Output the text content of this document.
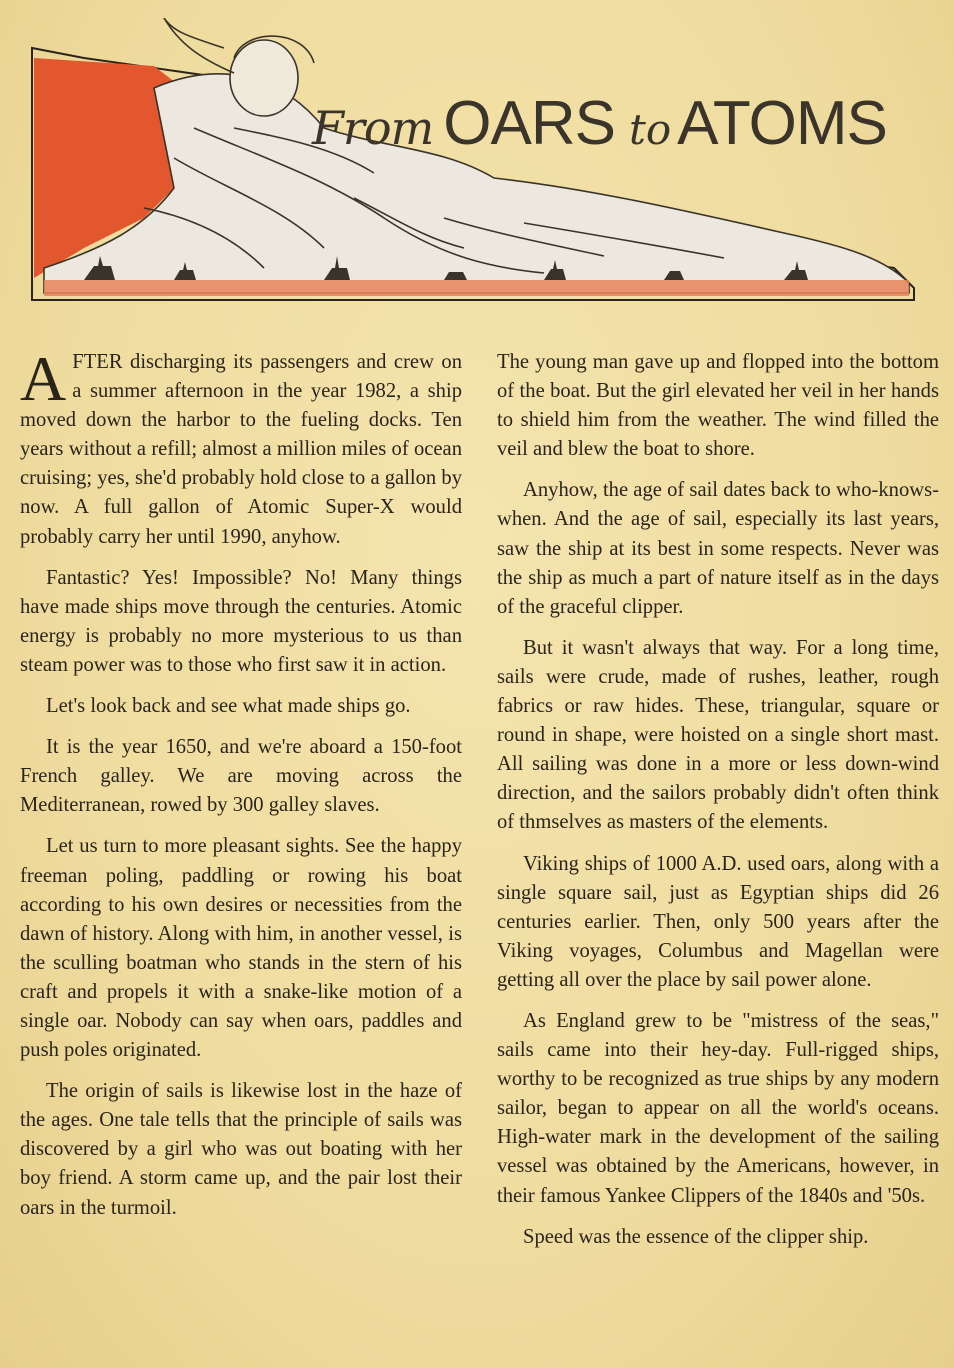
From OARS to ATOMS

AFTER discharging its passengers and crew on a summer afternoon in the year 1982, a ship moved down the harbor to the fueling docks. Ten years without a refill; almost a million miles of ocean cruising; yes, she'd probably hold close to a gallon by now. A full gallon of Atomic Super-X would probably carry her until 1990, anyhow.

Fantastic? Yes! Impossible? No! Many things have made ships move through the centuries. Atomic energy is probably no more mysterious to us than steam power was to those who first saw it in action.

Let's look back and see what made ships go.

It is the year 1650, and we're aboard a 150-foot French galley. We are moving across the Mediterranean, rowed by 300 galley slaves.

Let us turn to more pleasant sights. See the happy freeman poling, paddling or rowing his boat according to his own desires or necessities from the dawn of history. Along with him, in another vessel, is the sculling boatman who stands in the stern of his craft and propels it with a snake-like motion of a single oar. Nobody can say when oars, paddles and push poles originated.

The origin of sails is likewise lost in the haze of the ages. One tale tells that the principle of sails was discovered by a girl who was out boating with her boy friend. A storm came up, and the pair lost their oars in the turmoil.

The young man gave up and flopped into the bottom of the boat. But the girl elevated her veil in her hands to shield him from the weather. The wind filled the veil and blew the boat to shore.

Anyhow, the age of sail dates back to who-knows-when. And the age of sail, especially its last years, saw the ship at its best in some respects. Never was the ship as much a part of nature itself as in the days of the graceful clipper.

But it wasn't always that way. For a long time, sails were crude, made of rushes, leather, rough fabrics or raw hides. These, triangular, square or round in shape, were hoisted on a single short mast. All sailing was done in a more or less down-wind direction, and the sailors probably didn't often think of thmselves as masters of the elements.

Viking ships of 1000 A.D. used oars, along with a single square sail, just as Egyptian ships did 26 centuries earlier. Then, only 500 years after the Viking voyages, Columbus and Magellan were getting all over the place by sail power alone.

As England grew to be "mistress of the seas," sails came into their hey-day. Full-rigged ships, worthy to be recognized as true ships by any modern sailor, began to appear on all the world's oceans. High-water mark in the development of the sailing vessel was obtained by the Americans, however, in their famous Yankee Clippers of the 1840s and '50s.

Speed was the essence of the clipper ship.
